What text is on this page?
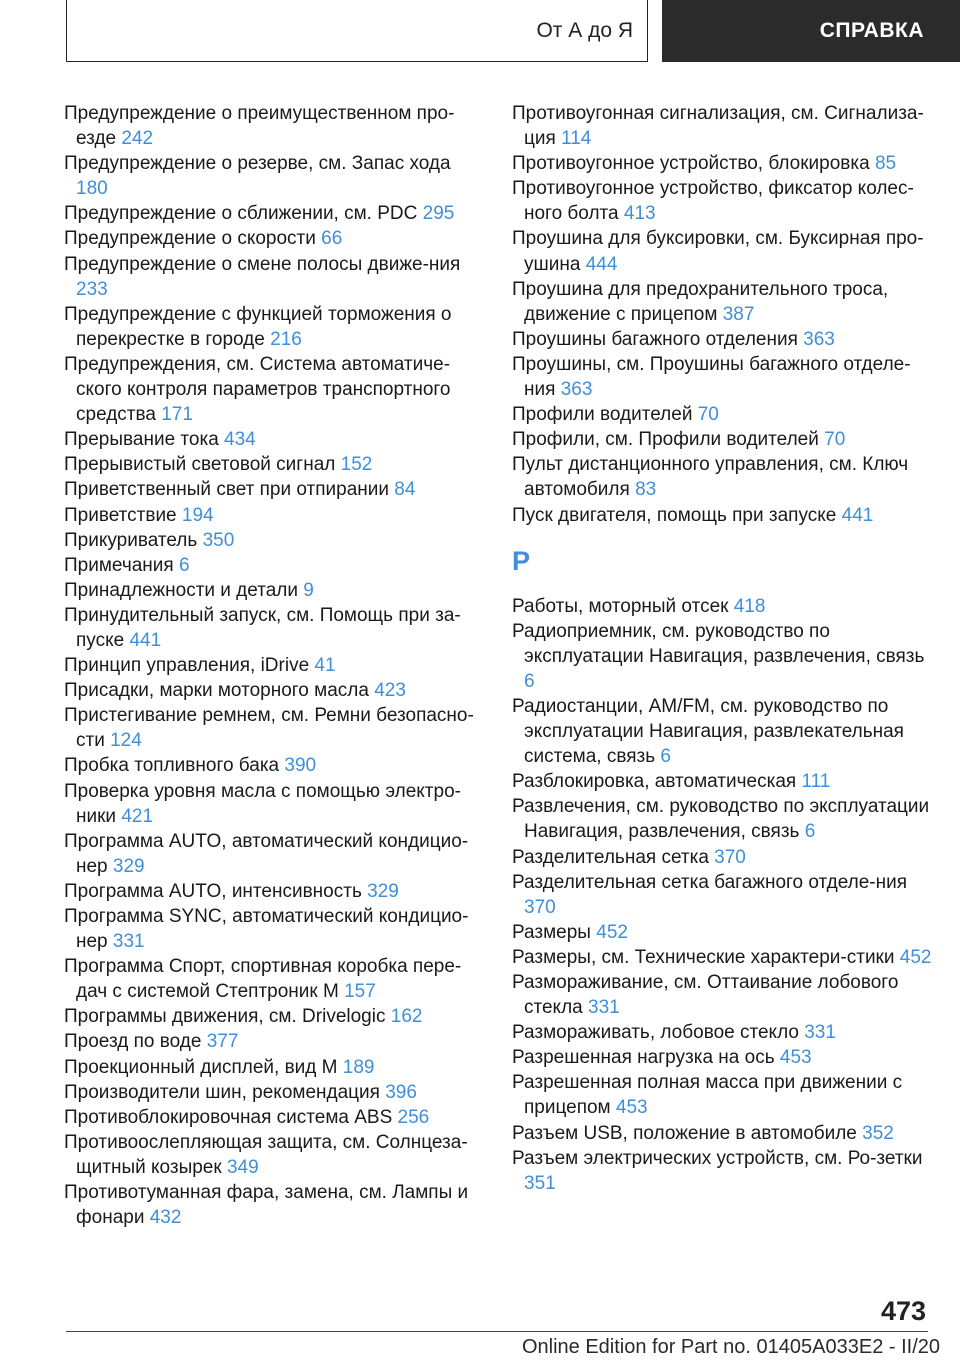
От А до Я	СПРАВКА
Предупреждение о преимущественном про-езде 242
Предупреждение о резерве, см. Запас хода 180
Предупреждение о сближении, см. PDC 295
Предупреждение о скорости 66
Предупреждение о смене полосы движе-ния 233
Предупреждение с функцией торможения о перекрестке в городе 216
Предупреждения, см. Система автоматиче-ского контроля параметров транспортного средства 171
Прерывание тока 434
Прерывистый световой сигнал 152
Приветственный свет при отпирании 84
Приветствие 194
Прикуриватель 350
Примечания 6
Принадлежности и детали 9
Принудительный запуск, см. Помощь при за-пуске 441
Принцип управления, iDrive 41
Присадки, марки моторного масла 423
Пристегивание ремнем, см. Ремни безопасно-сти 124
Пробка топливного бака 390
Проверка уровня масла с помощью электро-ники 421
Программа AUTO, автоматический кондицио-нер 329
Программа AUTO, интенсивность 329
Программа SYNC, автоматический кондицио-нер 331
Программа Спорт, спортивная коробка пере-дач с системой Стептроник M 157
Программы движения, см. Drivelogic 162
Проезд по воде 377
Проекционный дисплей, вид M 189
Производители шин, рекомендация 396
Противоблокировочная система ABS 256
Противоослепляющая защита, см. Солнцеза-щитный козырек 349
Противотуманная фара, замена, см. Лампы и фонари 432
Противоугонная сигнализация, см. Сигнализа-ция 114
Противоугонное устройство, блокировка 85
Противоугонное устройство, фиксатор колес-ного болта 413
Проушина для буксировки, см. Буксирная про-ушина 444
Проушина для предохранительного троса, движение с прицепом 387
Проушины багажного отделения 363
Проушины, см. Проушины багажного отделе-ния 363
Профили водителей 70
Профили, см. Профили водителей 70
Пульт дистанционного управления, см. Ключ автомобиля 83
Пуск двигателя, помощь при запуске 441
Р
Работы, моторный отсек 418
Радиоприемник, см. руководство по эксплуатации Навигация, развлечения, связь 6
Радиостанции, AM/FM, см. руководство по эксплуатации Навигация, развлекательная система, связь 6
Разблокировка, автоматическая 111
Развлечения, см. руководство по эксплуатации Навигация, развлечения, связь 6
Разделительная сетка 370
Разделительная сетка багажного отделе-ния 370
Размеры 452
Размеры, см. Технические характери-стики 452
Размораживание, см. Оттаивание лобового стекла 331
Размораживать, лобовое стекло 331
Разрешенная нагрузка на ось 453
Разрешенная полная масса при движении с прицепом 453
Разъем USB, положение в автомобиле 352
Разъем электрических устройств, см. Ро-зетки 351
473
Online Edition for Part no. 01405A033E2 - II/20
